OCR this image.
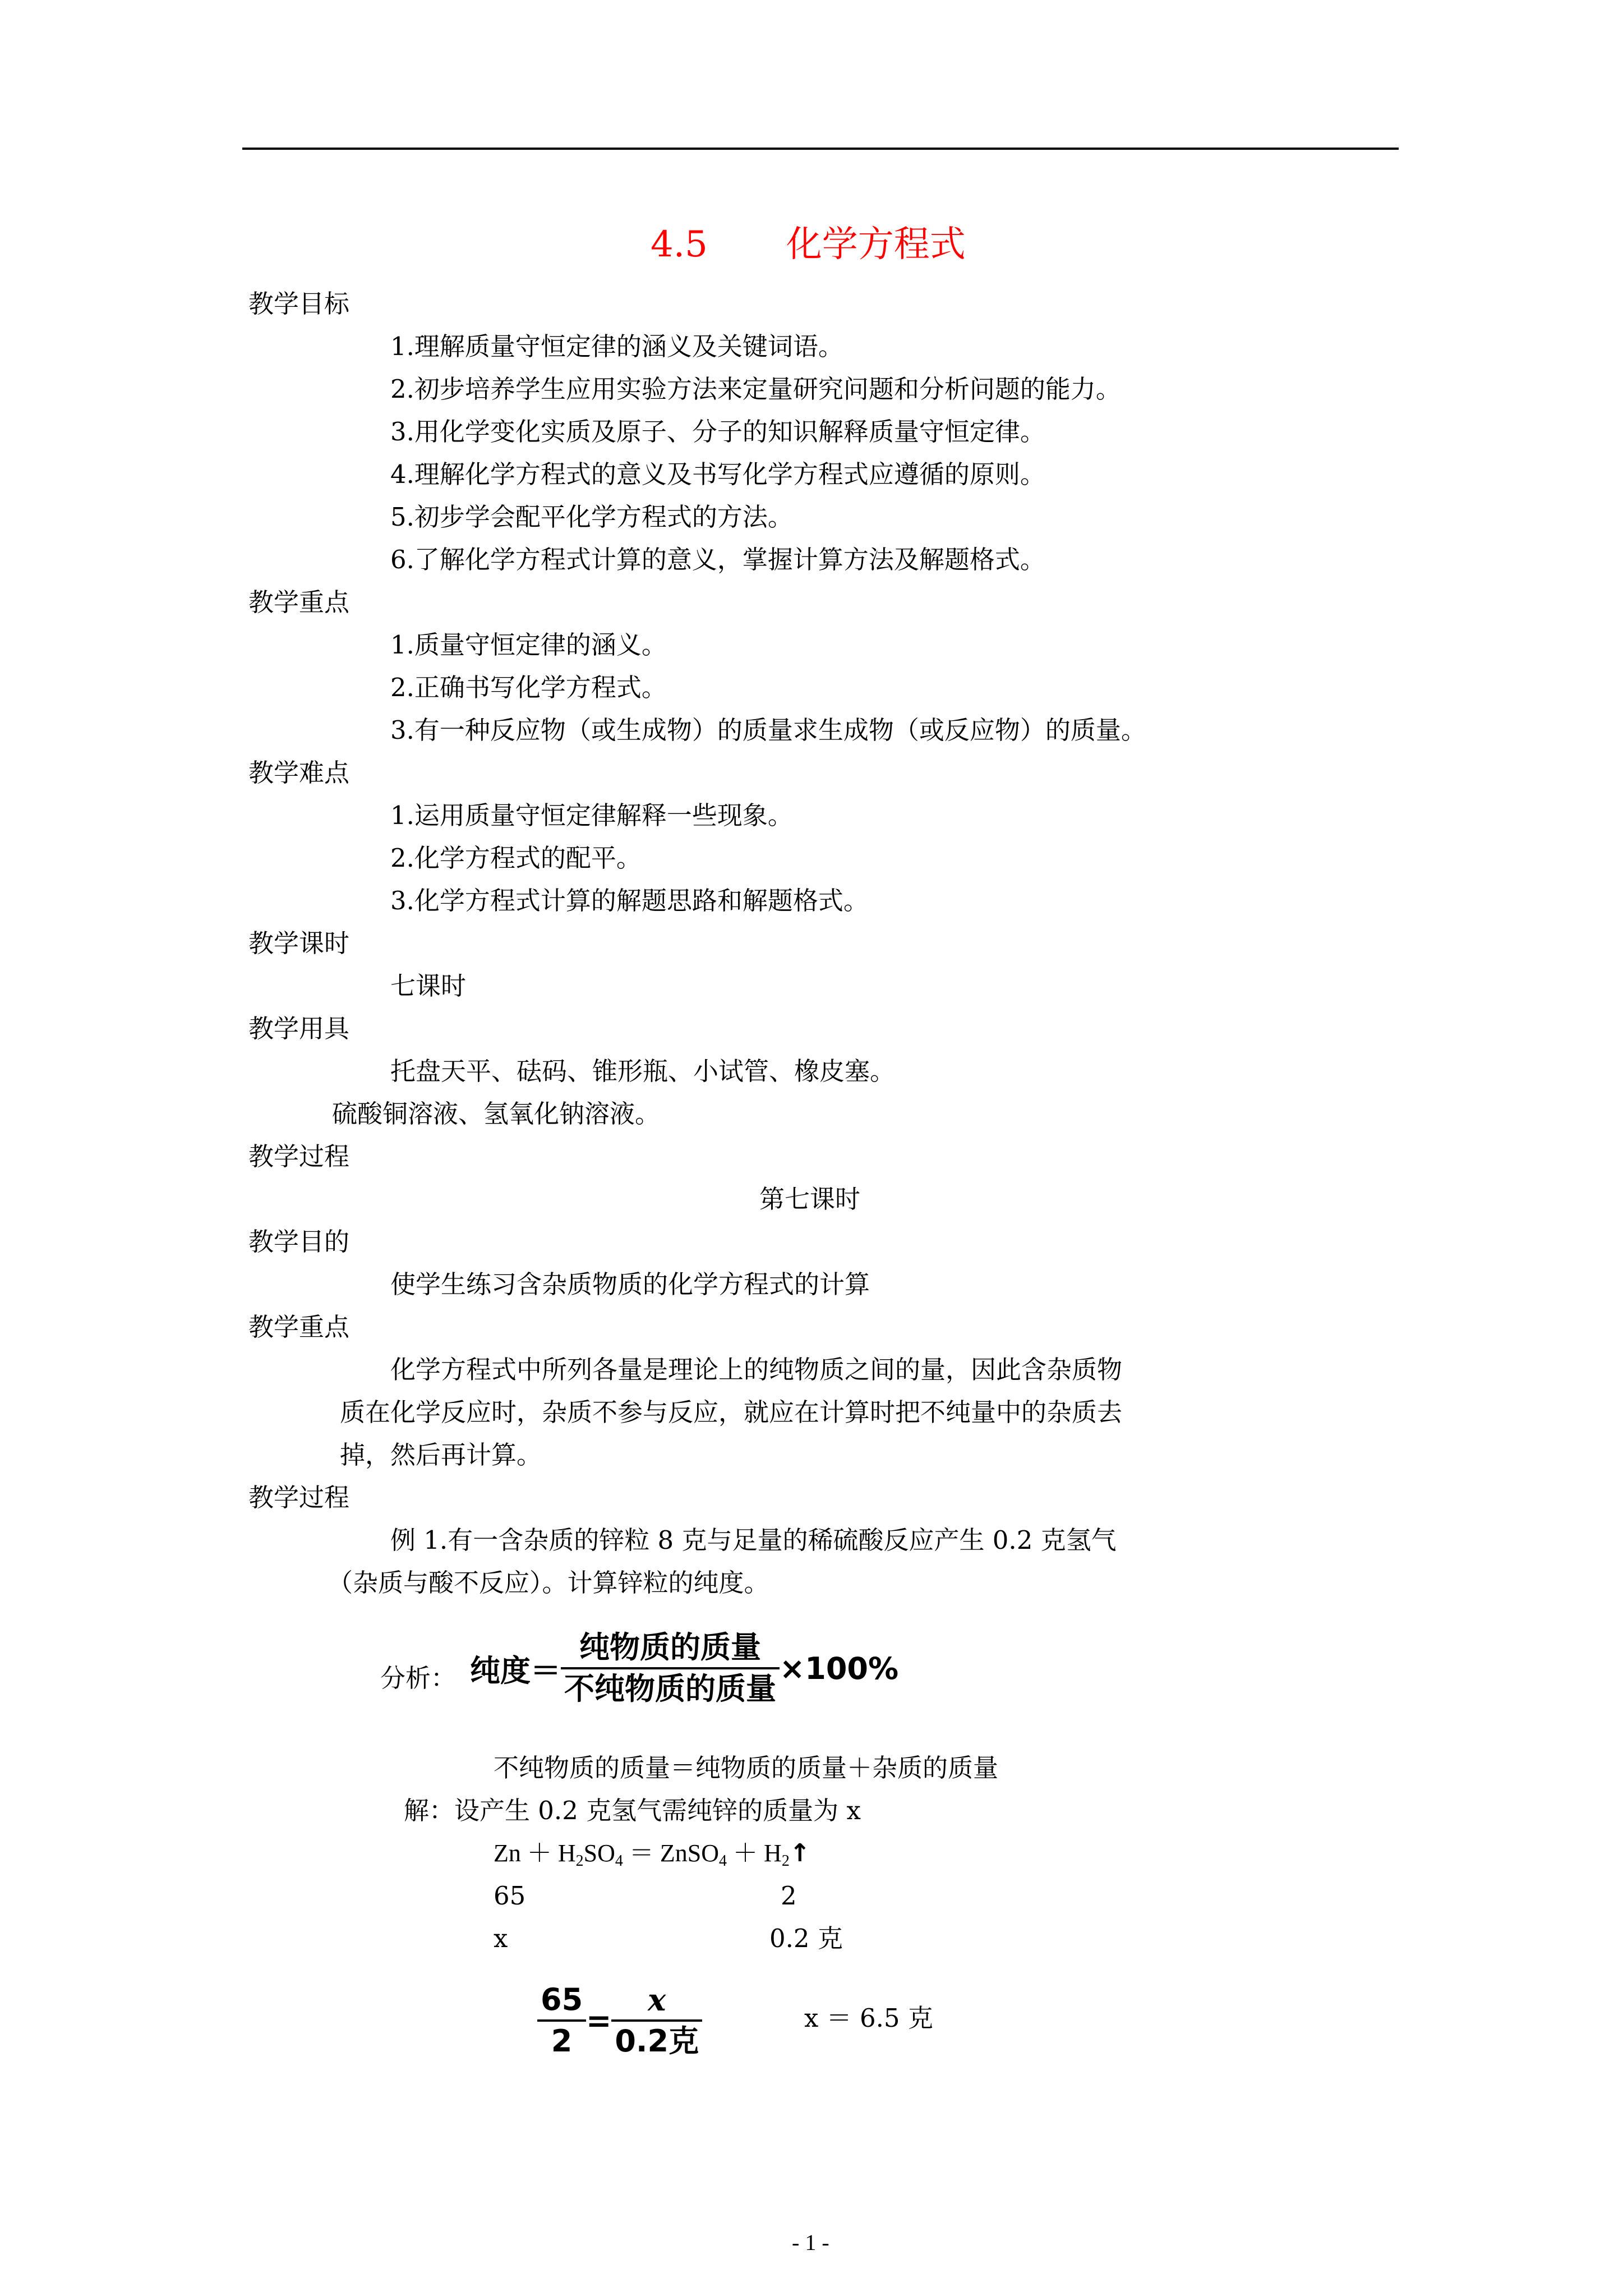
4.5 化学方程式
教学目标
1.理解质量守恒定律的涵义及关键词语。
2.初步培养学生应用实验方法来定量研究问题和分析问题的能力。
3.用化学变化实质及原子、分子的知识解释质量守恒定律。
4.理解化学方程式的意义及书写化学方程式应遵循的原则。
5.初步学会配平化学方程式的方法。
6.了解化学方程式计算的意义，掌握计算方法及解题格式。
教学重点
1.质量守恒定律的涵义。
2.正确书写化学方程式。
3.有一种反应物（或生成物）的质量求生成物（或反应物）的质量。
教学难点
1.运用质量守恒定律解释一些现象。
2.化学方程式的配平。
3.化学方程式计算的解题思路和解题格式。
教学课时
七课时
教学用具
托盘天平、砝码、锥形瓶、小试管、橡皮塞。
硫酸铜溶液、氢氧化钠溶液。
教学过程
第七课时
教学目的
使学生练习含杂质物质的化学方程式的计算
教学重点
化学方程式中所列各量是理论上的纯物质之间的量，因此含杂质物
质在化学反应时，杂质不参与反应，就应在计算时把不纯量中的杂质去
掉，然后再计算。
教学过程
例 1.有一含杂质的锌粒 8 克与足量的稀硫酸反应产生 0.2 克氢气
（杂质与酸不反应）。计算锌粒的纯度。
分析： 纯度＝
纯物质的质量
不纯物质的质量
×100%
不纯物质的质量＝纯物质的质量＋杂质的质量
解：设产生 0.2 克氢气需纯锌的质量为 x
$Zn + H_2SO_4$ ＝ ZnSO$_4$ ＋ $H_2↑$
65	2
x	0.2 克
65
2
=
x
0.2克
x ＝ 6.5 克
- 1 -
